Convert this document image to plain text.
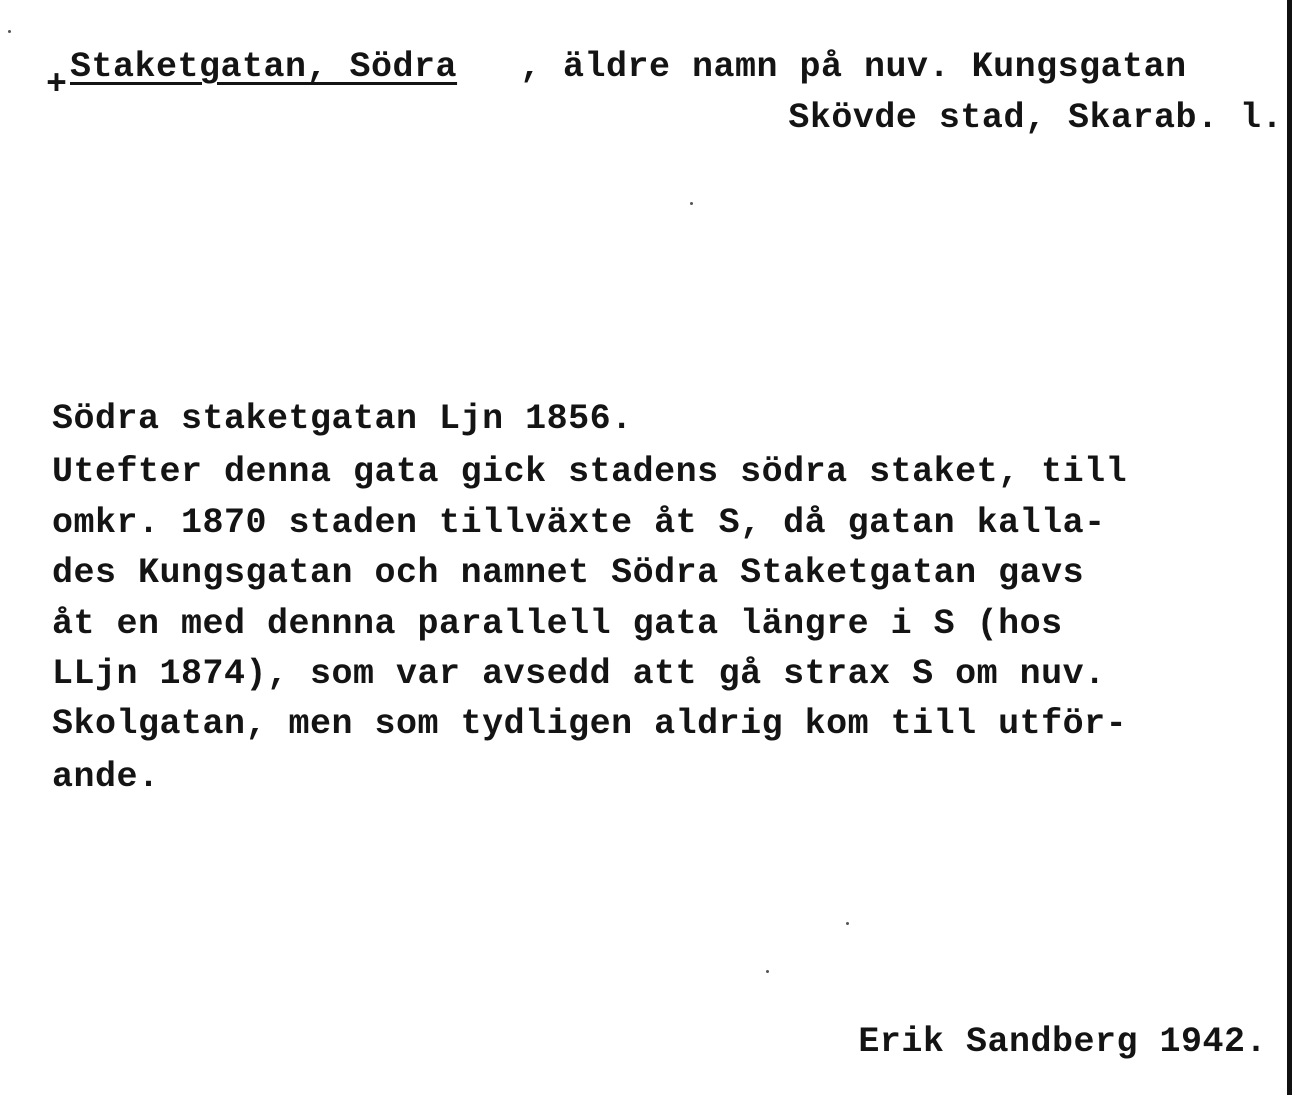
+ Staketgatan, Södra , äldre namn på nuv. Kungsgatan
Skövde stad, Skarab. l.
Södra staketgatan Ljn 1856.
Utefter denna gata gick stadens södra staket, till
omkr. 1870 staden tillväxte åt S, då gatan kalla-
des Kungsgatan och namnet Södra Staketgatan gavs
åt en med dennna parallell gata längre i S (hos
LLjn 1874), som var avsedd att gå strax S om nuv.
Skolgatan, men som tydligen aldrig kom till utför-
ande.
Erik Sandberg 1942.
